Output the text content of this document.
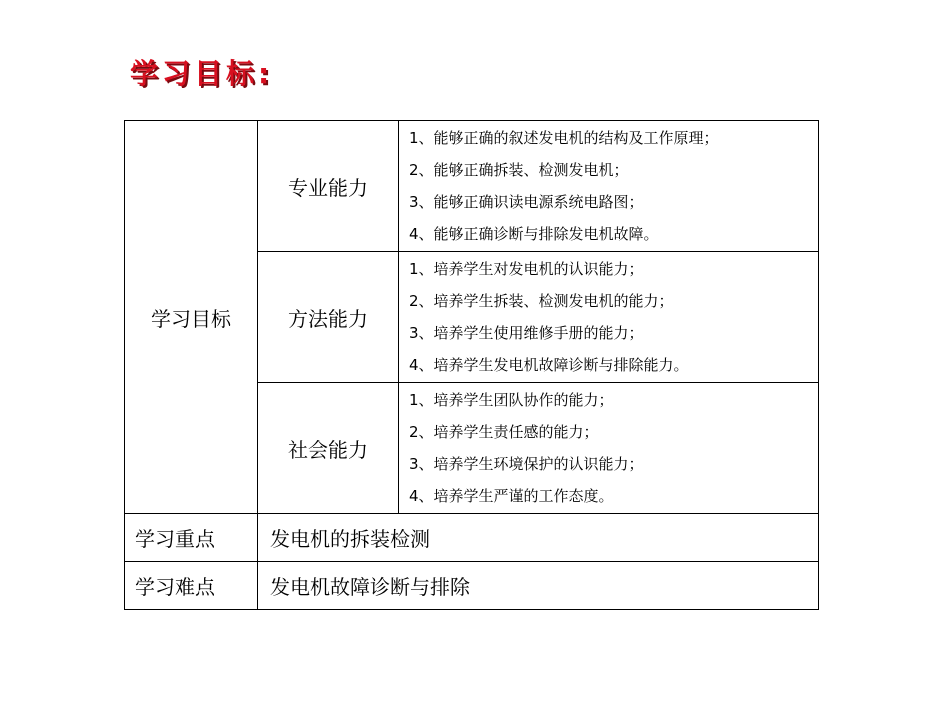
学习目标:
学习目标	专业能力	1、能够正确的叙述发电机的结构及工作原理；
2、能够正确拆装、检测发电机；
3、能够正确识读电源系统电路图；
4、能够正确诊断与排除发电机故障。

	方法能力	1、培养学生对发电机的认识能力；
2、培养学生拆装、检测发电机的能力；
3、培养学生使用维修手册的能力；
4、培养学生发电机故障诊断与排除能力。

	社会能力	1、培养学生团队协作的能力；
2、培养学生责任感的能力；
3、培养学生环境保护的认识能力；
4、培养学生严谨的工作态度。

学习重点	发电机的拆装检测	
学习难点	发电机故障诊断与排除	
